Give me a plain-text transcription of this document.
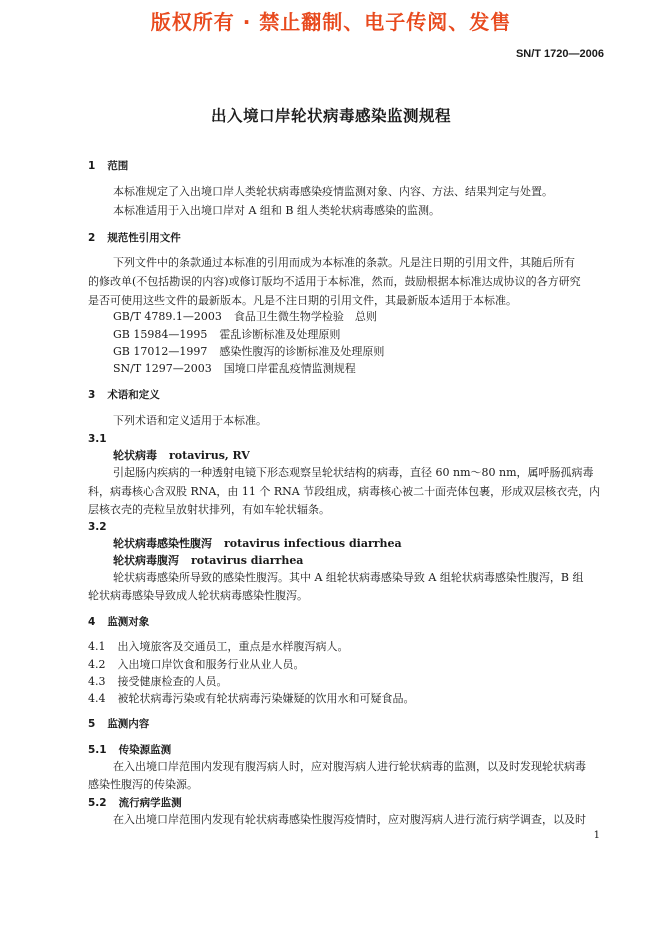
版权所有 · 禁止翻制、电子传阅、发售
SN/T 1720—2006
出入境口岸轮状病毒感染监测规程
1 范围
本标准规定了入出境口岸人类轮状病毒感染疫情监测对象、内容、方法、结果判定与处置。
本标准适用于入出境口岸对 A 组和 B 组人类轮状病毒感染的监测。
2 规范性引用文件
下列文件中的条款通过本标准的引用而成为本标准的条款。凡是注日期的引用文件，其随后所有
的修改单(不包括勘误的内容)或修订版均不适用于本标准，然而，鼓励根据本标准达成协议的各方研究
是否可使用这些文件的最新版本。凡是不注日期的引用文件，其最新版本适用于本标准。
GB/T 4789.1—2003 食品卫生微生物学检验　总则
GB 15984—1995 霍乱诊断标准及处理原则
GB 17012—1997 感染性腹泻的诊断标准及处理原则
SN/T 1297—2003 国境口岸霍乱疫情监测规程
3 术语和定义
下列术语和定义适用于本标准。
3.1
轮状病毒 rotavirus, RV
引起肠内疾病的一种透射电镜下形态观察呈轮状结构的病毒，直径 60 nm～80 nm，属呼肠孤病毒
科，病毒核心含双股 RNA，由 11 个 RNA 节段组成，病毒核心被二十面壳体包裹，形成双层核衣壳，内
层核衣壳的壳粒呈放射状排列，有如车轮状辐条。
3.2
轮状病毒感染性腹泻 rotavirus infectious diarrhea
轮状病毒腹泻 rotavirus diarrhea
轮状病毒感染所导致的感染性腹泻。其中 A 组轮状病毒感染导致 A 组轮状病毒感染性腹泻，B 组
轮状病毒感染导致成人轮状病毒感染性腹泻。
4 监测对象
4.1 出入境旅客及交通员工，重点是水样腹泻病人。
4.2 入出境口岸饮食和服务行业从业人员。
4.3 接受健康检查的人员。
4.4 被轮状病毒污染或有轮状病毒污染嫌疑的饮用水和可疑食品。
5 监测内容
5.1 传染源监测
在入出境口岸范围内发现有腹泻病人时，应对腹泻病人进行轮状病毒的监测，以及时发现轮状病毒
感染性腹泻的传染源。
5.2 流行病学监测
在入出境口岸范围内发现有轮状病毒感染性腹泻疫情时，应对腹泻病人进行流行病学调查，以及时
1
